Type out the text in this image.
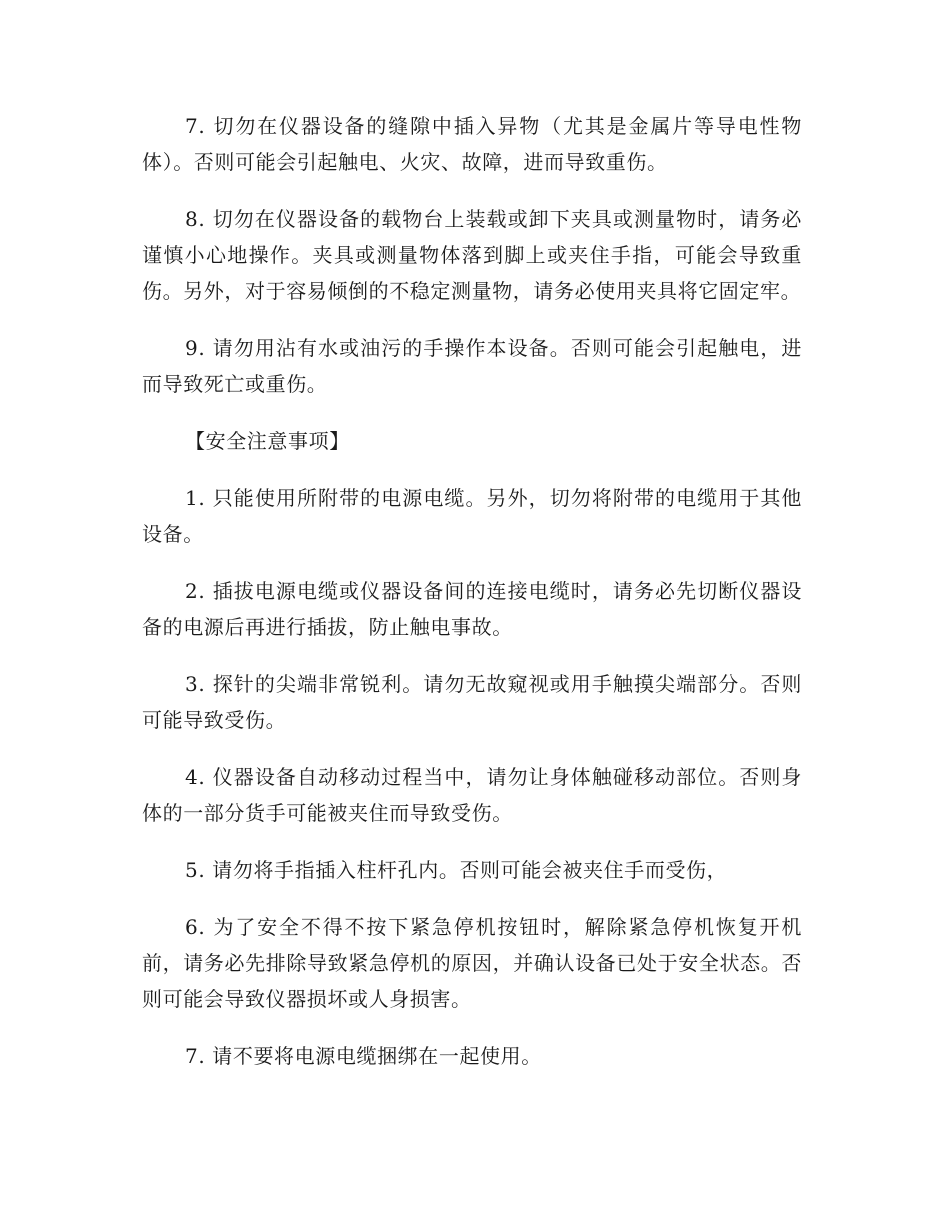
7. 切勿在仪器设备的缝隙中插入异物（尤其是金属片等导电性物体）。否则可能会引起触电、火灾、故障，进而导致重伤。

8. 切勿在仪器设备的载物台上装载或卸下夹具或测量物时，请务必谨慎小心地操作。夹具或测量物体落到脚上或夹住手指，可能会导致重伤。另外，对于容易倾倒的不稳定测量物，请务必使用夹具将它固定牢。

9. 请勿用沾有水或油污的手操作本设备。否则可能会引起触电，进而导致死亡或重伤。

【安全注意事项】

1. 只能使用所附带的电源电缆。另外，切勿将附带的电缆用于其他设备。

2. 插拔电源电缆或仪器设备间的连接电缆时，请务必先切断仪器设备的电源后再进行插拔，防止触电事故。

3. 探针的尖端非常锐利。请勿无故窥视或用手触摸尖端部分。否则可能导致受伤。

4. 仪器设备自动移动过程当中，请勿让身体触碰移动部位。否则身体的一部分货手可能被夹住而导致受伤。

5. 请勿将手指插入柱杆孔内。否则可能会被夹住手而受伤，

6. 为了安全不得不按下紧急停机按钮时，解除紧急停机恢复开机前，请务必先排除导致紧急停机的原因，并确认设备已处于安全状态。否则可能会导致仪器损坏或人身损害。

7. 请不要将电源电缆捆绑在一起使用。
